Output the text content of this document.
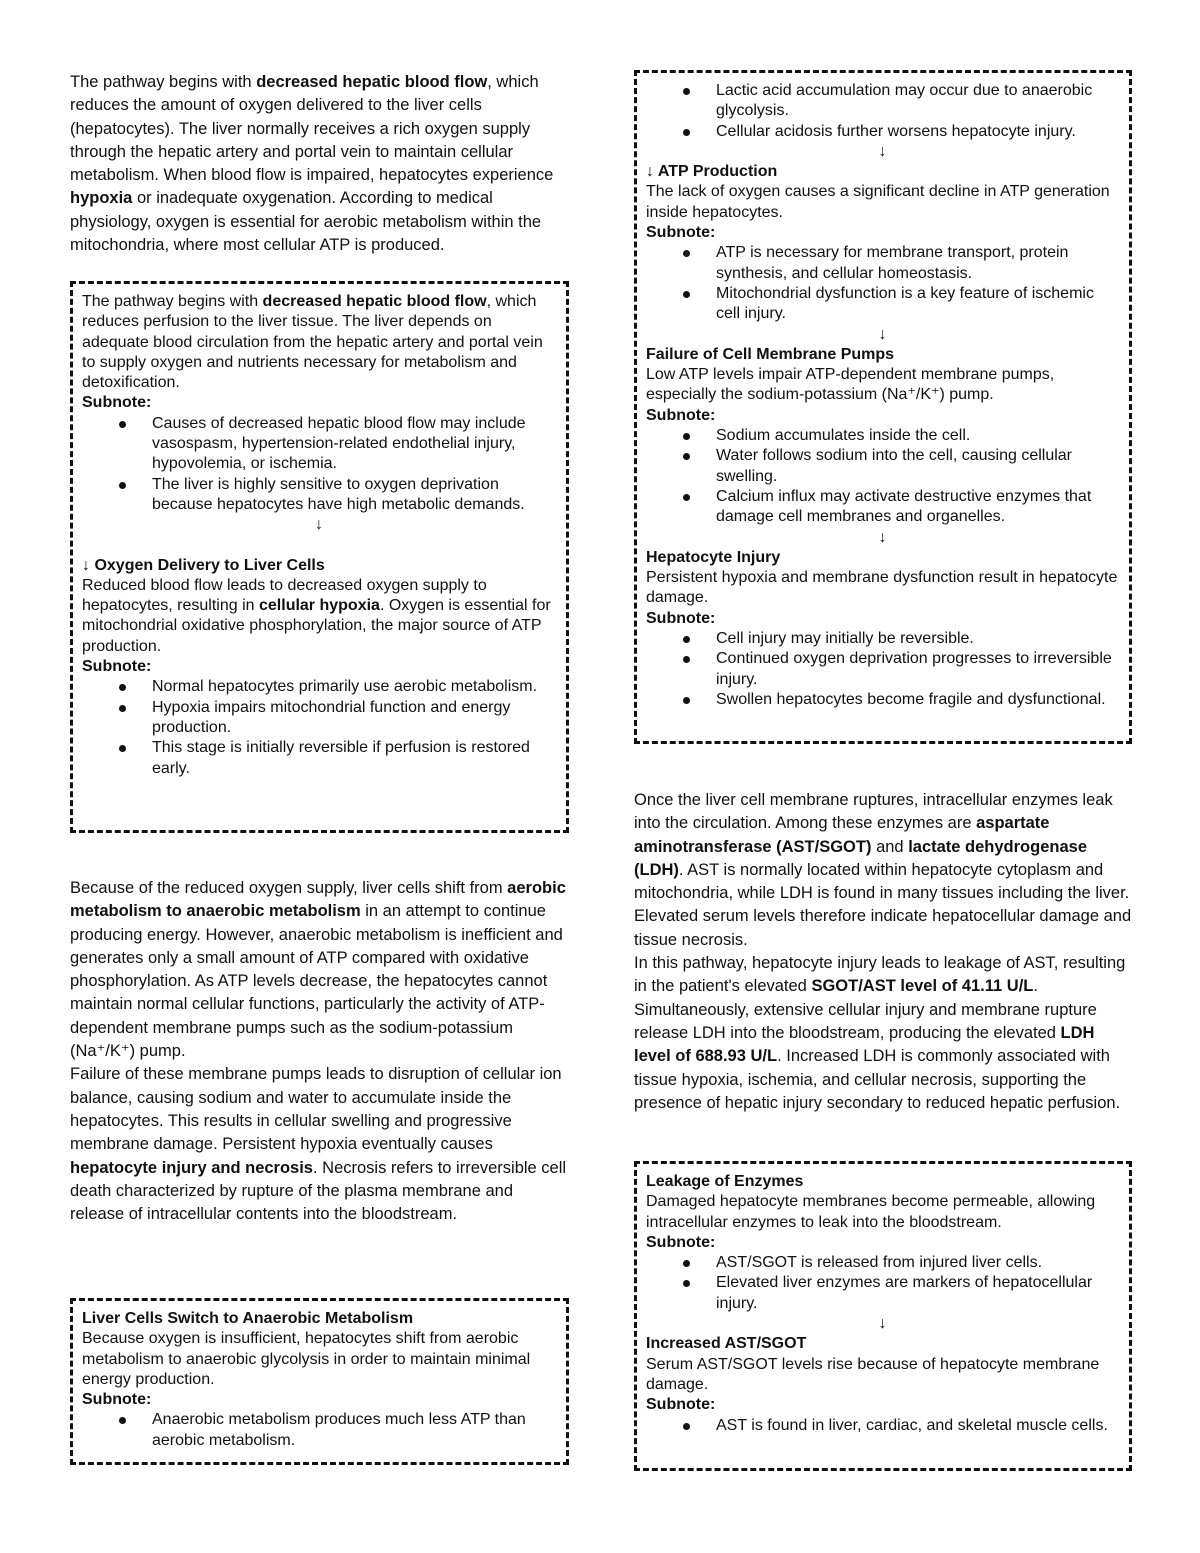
The pathway begins with decreased hepatic blood flow, which reduces the amount of oxygen delivered to the liver cells (hepatocytes). The liver normally receives a rich oxygen supply through the hepatic artery and portal vein to maintain cellular metabolism. When blood flow is impaired, hepatocytes experience hypoxia or inadequate oxygenation. According to medical physiology, oxygen is essential for aerobic metabolism within the mitochondria, where most cellular ATP is produced.

The pathway begins with decreased hepatic blood flow, which reduces perfusion to the liver tissue. The liver depends on adequate blood circulation from the hepatic artery and portal vein to supply oxygen and nutrients necessary for metabolism and detoxification.

Subnote:

Causes of decreased hepatic blood flow may include vasospasm, hypertension-related endothelial injury, hypovolemia, or ischemia.
The liver is highly sensitive to oxygen deprivation because hepatocytes have high metabolic demands.

↓

↓ Oxygen Delivery to Liver Cells

Reduced blood flow leads to decreased oxygen supply to hepatocytes, resulting in cellular hypoxia. Oxygen is essential for mitochondrial oxidative phosphorylation, the major source of ATP production.

Subnote:

Normal hepatocytes primarily use aerobic metabolism.
Hypoxia impairs mitochondrial function and energy production.
This stage is initially reversible if perfusion is restored early.
Because of the reduced oxygen supply, liver cells shift from aerobic metabolism to anaerobic metabolism in an attempt to continue producing energy. However, anaerobic metabolism is inefficient and generates only a small amount of ATP compared with oxidative phosphorylation. As ATP levels decrease, the hepatocytes cannot maintain normal cellular functions, particularly the activity of ATP-dependent membrane pumps such as the sodium-potassium (Na⁺/K⁺) pump.
Failure of these membrane pumps leads to disruption of cellular ion balance, causing sodium and water to accumulate inside the hepatocytes. This results in cellular swelling and progressive membrane damage. Persistent hypoxia eventually causes hepatocyte injury and necrosis. Necrosis refers to irreversible cell death characterized by rupture of the plasma membrane and release of intracellular contents into the bloodstream.

Liver Cells Switch to Anaerobic Metabolism

Because oxygen is insufficient, hepatocytes shift from aerobic metabolism to anaerobic glycolysis in order to maintain minimal energy production.

Subnote:

Anaerobic metabolism produces much less ATP than aerobic metabolism.
Lactic acid accumulation may occur due to anaerobic glycolysis.
Cellular acidosis further worsens hepatocyte injury.

↓

↓ ATP Production

The lack of oxygen causes a significant decline in ATP generation inside hepatocytes.

Subnote:

ATP is necessary for membrane transport, protein synthesis, and cellular homeostasis.
Mitochondrial dysfunction is a key feature of ischemic cell injury.

↓

Failure of Cell Membrane Pumps

Low ATP levels impair ATP-dependent membrane pumps, especially the sodium-potassium (Na⁺/K⁺) pump.

Subnote:

Sodium accumulates inside the cell.
Water follows sodium into the cell, causing cellular swelling.
Calcium influx may activate destructive enzymes that damage cell membranes and organelles.

↓

Hepatocyte Injury

Persistent hypoxia and membrane dysfunction result in hepatocyte damage.

Subnote:

Cell injury may initially be reversible.
Continued oxygen deprivation progresses to irreversible injury.
Swollen hepatocytes become fragile and dysfunctional.
Once the liver cell membrane ruptures, intracellular enzymes leak into the circulation. Among these enzymes are aspartate aminotransferase (AST/SGOT) and lactate dehydrogenase (LDH). AST is normally located within hepatocyte cytoplasm and mitochondria, while LDH is found in many tissues including the liver. Elevated serum levels therefore indicate hepatocellular damage and tissue necrosis.
In this pathway, hepatocyte injury leads to leakage of AST, resulting in the patient's elevated SGOT/AST level of 41.11 U/L. Simultaneously, extensive cellular injury and membrane rupture release LDH into the bloodstream, producing the elevated LDH level of 688.93 U/L. Increased LDH is commonly associated with tissue hypoxia, ischemia, and cellular necrosis, supporting the presence of hepatic injury secondary to reduced hepatic perfusion.

Leakage of Enzymes

Damaged hepatocyte membranes become permeable, allowing intracellular enzymes to leak into the bloodstream.

Subnote:

AST/SGOT is released from injured liver cells.
Elevated liver enzymes are markers of hepatocellular injury.

↓

Increased AST/SGOT

Serum AST/SGOT levels rise because of hepatocyte membrane damage.

Subnote:

AST is found in liver, cardiac, and skeletal muscle cells.
